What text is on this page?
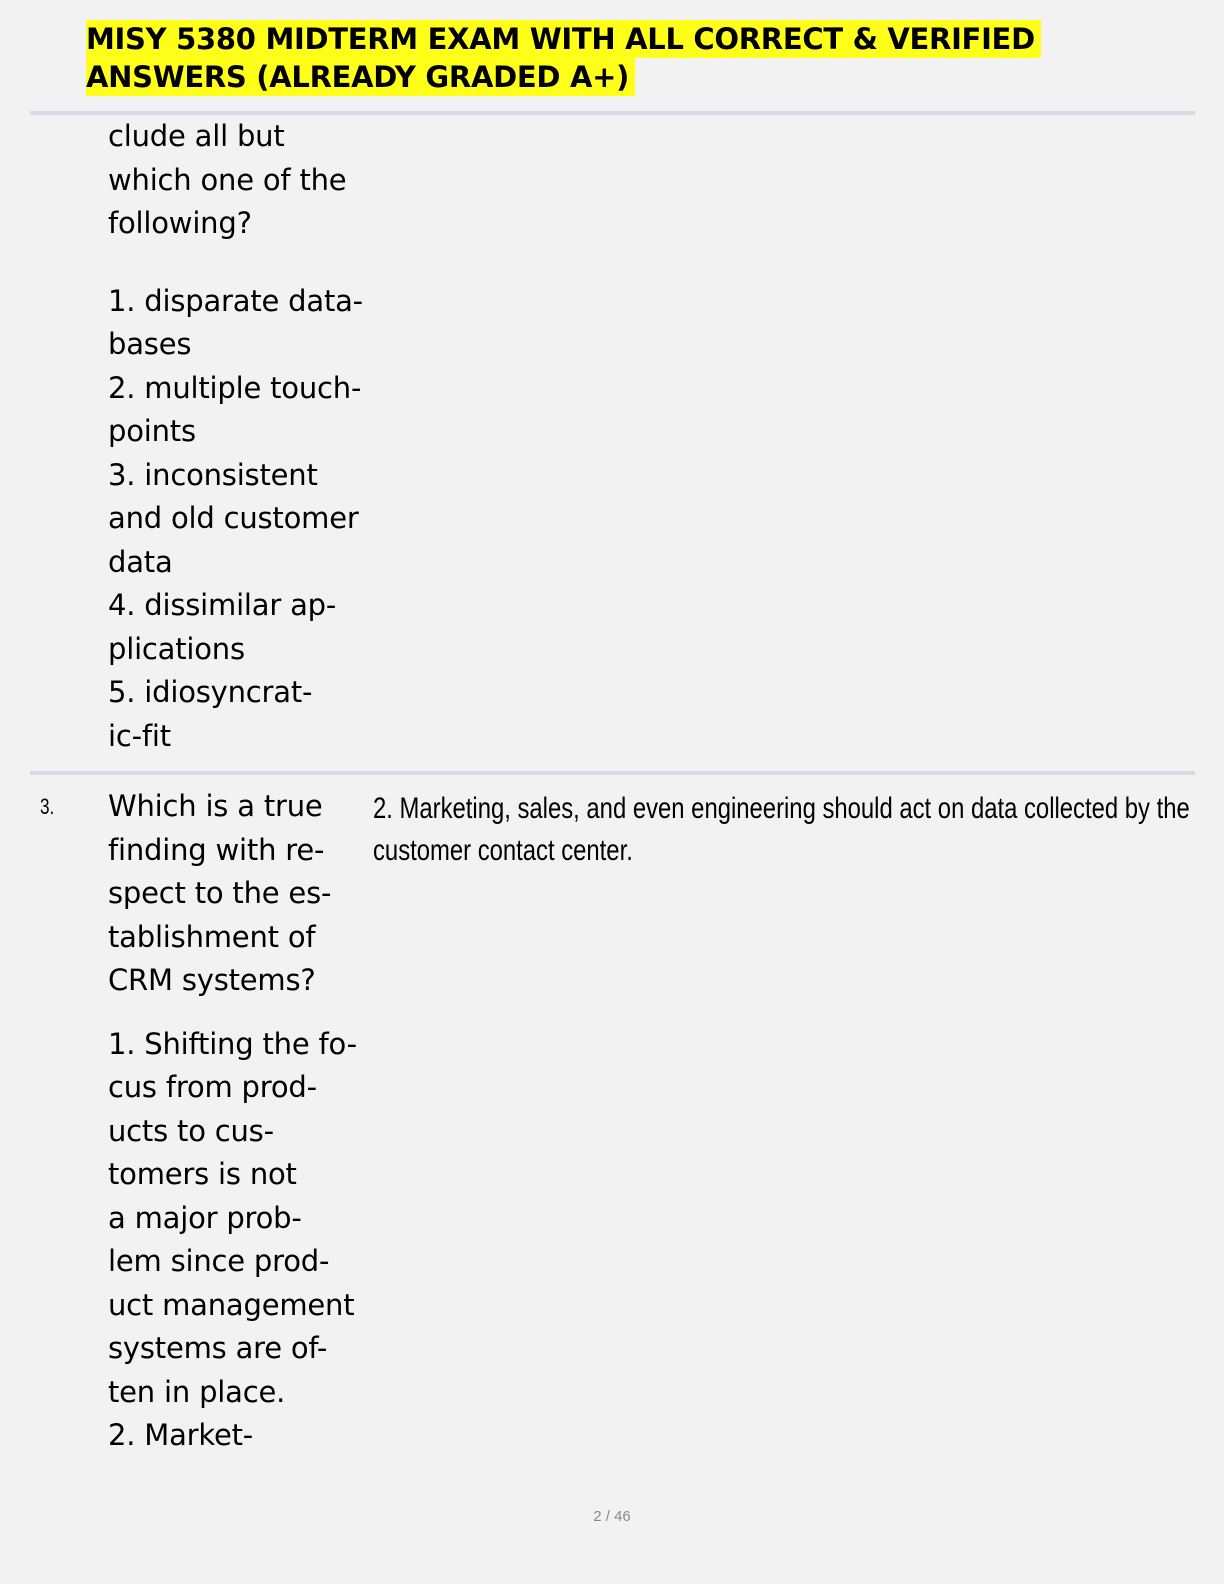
MISY 5380 MIDTERM EXAM WITH ALL CORRECT & VERIFIED
ANSWERS (ALREADY GRADED A+)
clude all but
which one of the
following?
1. disparate data-
bases
2. multiple touch-
points
3. inconsistent
and old customer
data
4. dissimilar ap-
plications
5. idiosyncrat-
ic-fit
3. Which is a true
finding with re-
spect to the es-
tablishment of
CRM systems?
1. Shifting the fo-
cus from prod-
ucts to cus-
tomers is not
a major prob-
lem since prod-
uct management
systems are of-
ten in place.
2. Market-
2. Marketing, sales, and even engineering should act on data collected by the
customer contact center.
2 / 46
